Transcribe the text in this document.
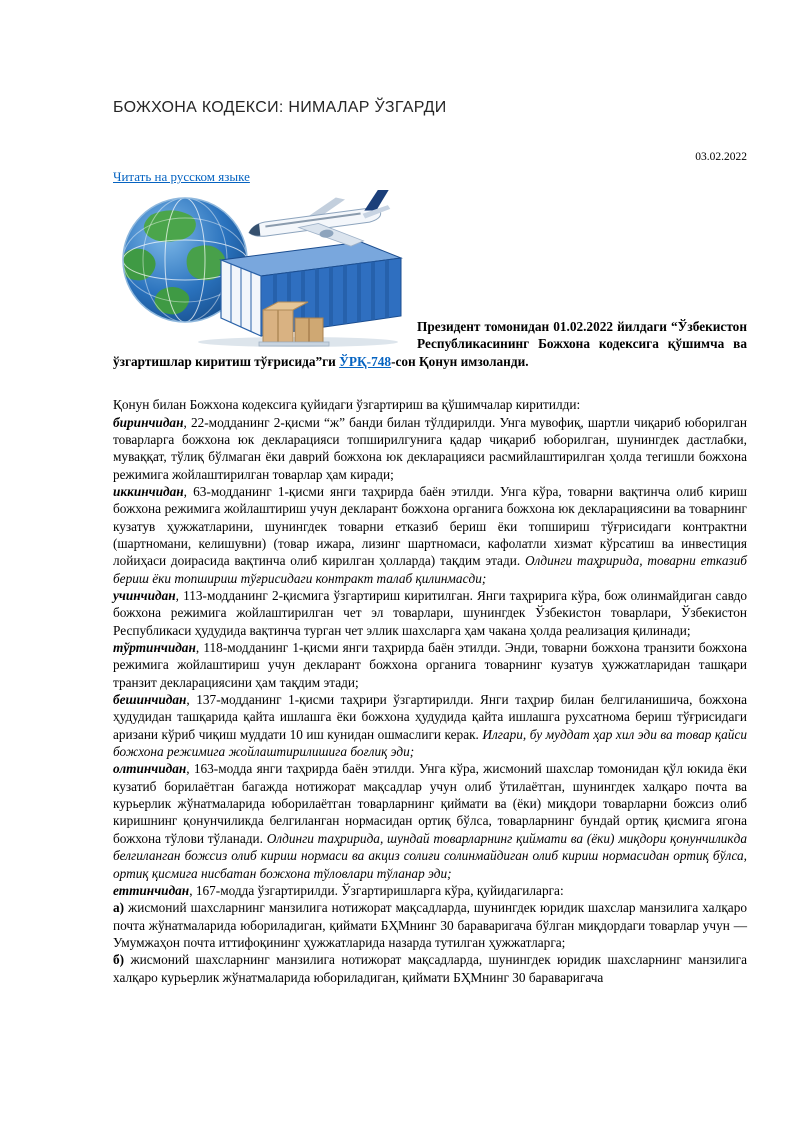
БОЖХОНА КОДЕКСИ: НИМАЛАР ЎЗГАРДИ
03.02.2022
Читать на русском языке

Президент томонидан 01.02.2022 йилдаги “Ўзбекистон Республикасининг Божхона кодексига қўшимча ва ўзгартишлар киритиш тўғрисида”ги ЎРҚ-748-сон Қонун имзоланди.

Қонун билан Божхона кодексига қуйидаги ўзгартириш ва қўшимчалар киритилди:

биринчидан, 22-модданинг 2-қисми “ж” банди билан тўлдирилди. Унга мувофиқ, шартли чиқариб юборилган товарларга божхона юк декларацияси топширилгунига қадар чиқариб юборилган, шунингдек дастлабки, муваққат, тўлиқ бўлмаган ёки даврий божхона юк декларацияси расмийлаштирилган ҳолда тегишли божхона режимига жойлаштирилган товарлар ҳам киради;

иккинчидан, 63-модданинг 1-қисми янги таҳрирда баён этилди. Унга кўра, товарни вақтинча олиб кириш божхона режимига жойлаштириш учун декларант божхона органига божхона юк декларациясини ва товарнинг кузатув ҳужжатларини, шунингдек товарни етказиб бериш ёки топшириш тўғрисидаги контрактни (шартномани, келишувни) (товар ижара, лизинг шартномаси, кафолатли хизмат кўрсатиш ва инвестиция лойиҳаси доирасида вақтинча олиб кирилган ҳолларда) тақдим этади. Олдинги таҳририда, товарни етказиб бериш ёки топшириш тўғрисидаги контракт талаб қилинмасди;

учинчидан, 113-модданинг 2-қисмига ўзгартириш киритилган. Янги таҳририга кўра, бож олинмайдиган савдо божхона режимига жойлаштирилган чет эл товарлари, шунингдек Ўзбекистон товарлари, Ўзбекистон Республикаси ҳудудида вақтинча турган чет эллик шахсларга ҳам чакана ҳолда реализация қилинади;

тўртинчидан, 118-модданинг 1-қисми янги таҳрирда баён этилди. Энди, товарни божхона транзити божхона режимига жойлаштириш учун декларант божхона органига товарнинг кузатув ҳужжатларидан ташқари транзит декларациясини ҳам тақдим этади;

бешинчидан, 137-модданинг 1-қисми таҳрири ўзгартирилди. Янги таҳрир билан белгиланишича, божхона ҳудудидан ташқарида қайта ишлашга ёки божхона ҳудудида қайта ишлашга рухсатнома бериш тўғрисидаги аризани кўриб чиқиш муддати 10 иш кунидан ошмаслиги керак. Илгари, бу муддат ҳар хил эди ва товар қайси божхона режимига жойлаштирилишига боғлиқ эди;

олтинчидан, 163-модда янги таҳрирда баён этилди. Унга кўра, жисмоний шахслар томонидан қўл юкида ёки кузатиб борилаётган багажда нотижорат мақсадлар учун олиб ўтилаётган, шунингдек халқаро почта ва курьерлик жўнатмаларида юборилаётган товарларнинг қиймати ва (ёки) миқдори товарларни божсиз олиб киришнинг қонунчиликда белгиланган нормасидан ортиқ бўлса, товарларнинг бундай ортиқ қисмига ягона божхона тўлови тўланади. Олдинги таҳририда, шундай товарларнинг қиймати ва (ёки) миқдори қонунчиликда белгиланган божсиз олиб кириш нормаси ва акциз солиғи солинмайдиган олиб кириш нормасидан ортиқ бўлса, ортиқ қисмига нисбатан божхона тўловлари тўланар эди;

еттинчидан, 167-модда ўзгартирилди. Ўзгартиришларга кўра, қуйидагиларга:

а) жисмоний шахсларнинг манзилига нотижорат мақсадларда, шунингдек юридик шахслар манзилига халқаро почта жўнатмаларида юбориладиган, қиймати БҲМнинг 30 бараваригача бўлган миқдордаги товарлар учун — Умумжаҳон почта иттифоқининг ҳужжатларида назарда тутилган ҳужжатларга;

б) жисмоний шахсларнинг манзилига нотижорат мақсадларда, шунингдек юридик шахсларнинг манзилига халқаро курьерлик жўнатмаларида юбориладиган, қиймати БҲМнинг 30 бараваригача
